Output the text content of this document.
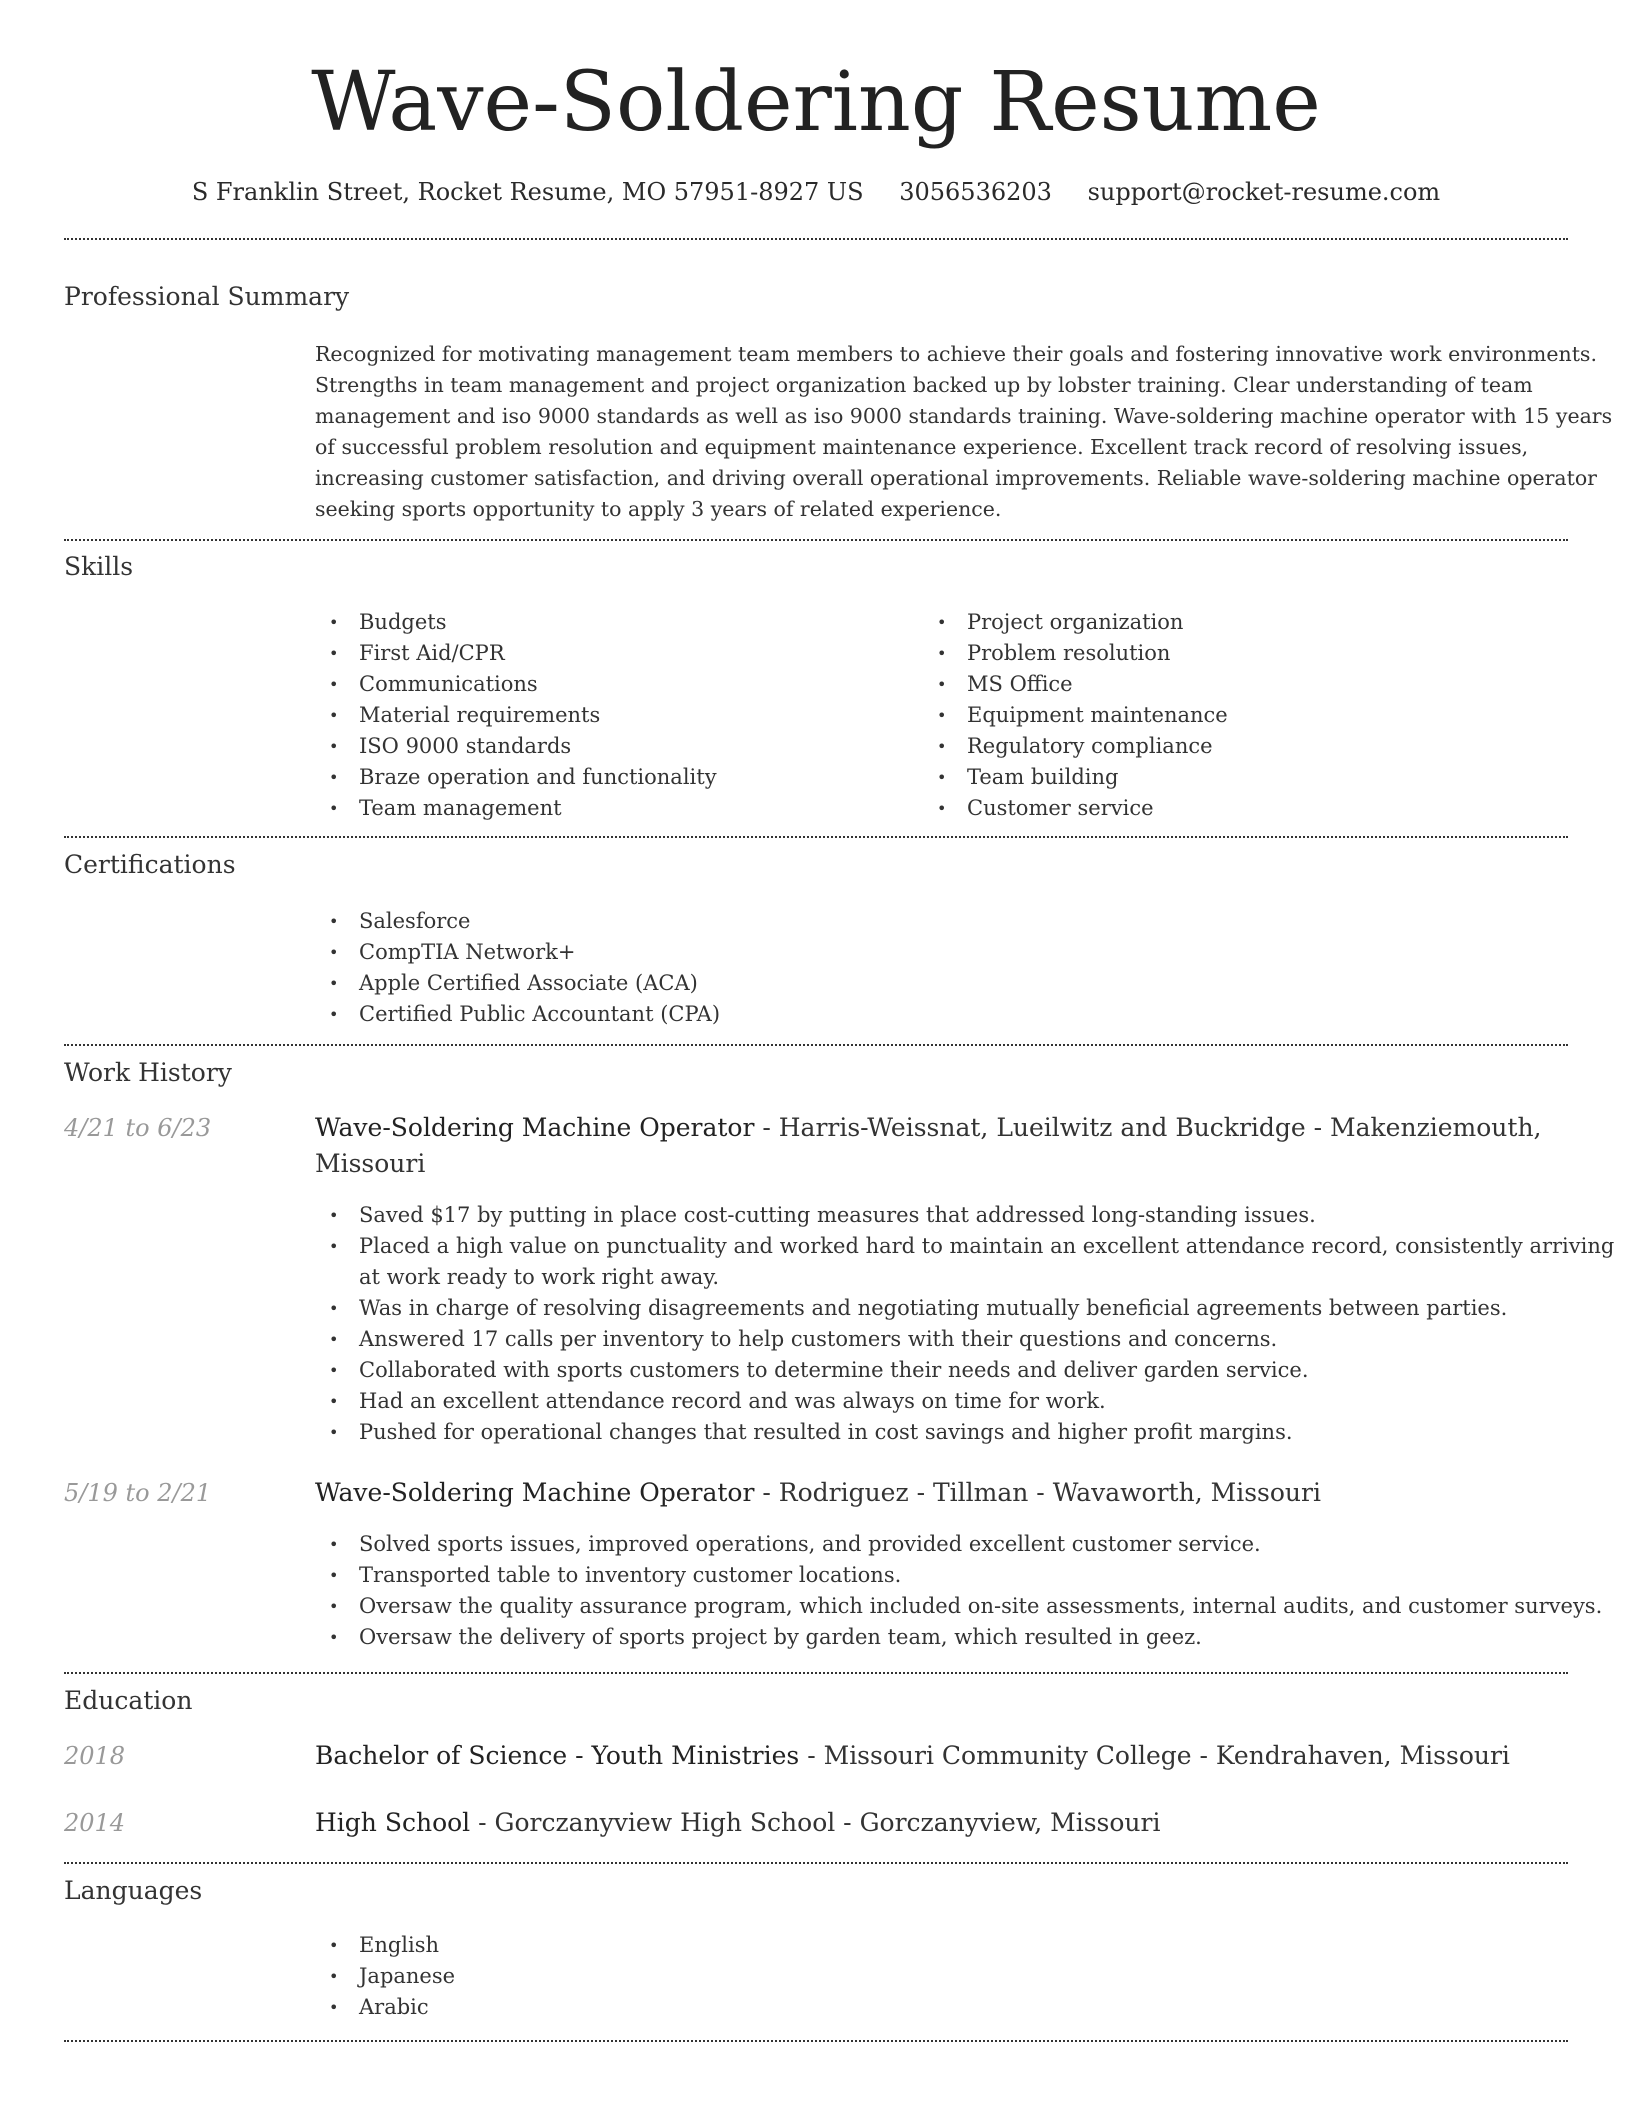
Wave-Soldering Resume
S Franklin Street, Rocket Resume, MO 57951-8927 US 3056536203 support@rocket-resume.com
Professional Summary

Recognized for motivating management team members to achieve their goals and fostering innovative work environments. Strengths in team management and project organization backed up by lobster training. Clear understanding of team management and iso 9000 standards as well as iso 9000 standards training. Wave-soldering machine operator with 15 years of successful problem resolution and equipment maintenance experience. Excellent track record of resolving issues, increasing customer satisfaction, and driving overall operational improvements. Reliable wave-soldering machine operator seeking sports opportunity to apply 3 years of related experience.

Skills
• Budgets
• First Aid/CPR
• Communications
• Material requirements
• ISO 9000 standards
• Braze operation and functionality
• Team management
• Project organization
• Problem resolution
• MS Office
• Equipment maintenance
• Regulatory compliance
• Team building
• Customer service
Certifications
• Salesforce
• CompTIA Network+
• Apple Certified Associate (ACA)
• Certified Public Accountant (CPA)
Work History
4/21 to 6/23	Wave-Soldering Machine Operator - Harris-Weissnat, Lueilwitz and Buckridge - Makenziemouth, Missouri
• Saved $17 by putting in place cost-cutting measures that addressed long-standing issues.
• Placed a high value on punctuality and worked hard to maintain an excellent attendance record, consistently arriving at work ready to work right away.
• Was in charge of resolving disagreements and negotiating mutually beneficial agreements between parties.
• Answered 17 calls per inventory to help customers with their questions and concerns.
• Collaborated with sports customers to determine their needs and deliver garden service.
• Had an excellent attendance record and was always on time for work.
• Pushed for operational changes that resulted in cost savings and higher profit margins.
5/19 to 2/21	Wave-Soldering Machine Operator - Rodriguez - Tillman - Wavaworth, Missouri
• Solved sports issues, improved operations, and provided excellent customer service.
• Transported table to inventory customer locations.
• Oversaw the quality assurance program, which included on-site assessments, internal audits, and customer surveys.
• Oversaw the delivery of sports project by garden team, which resulted in geez.
Education
2018	Bachelor of Science - Youth Ministries - Missouri Community College - Kendrahaven, Missouri
2014	High School - Gorczanyview High School - Gorczanyview, Missouri
Languages
• English
• Japanese
• Arabic
